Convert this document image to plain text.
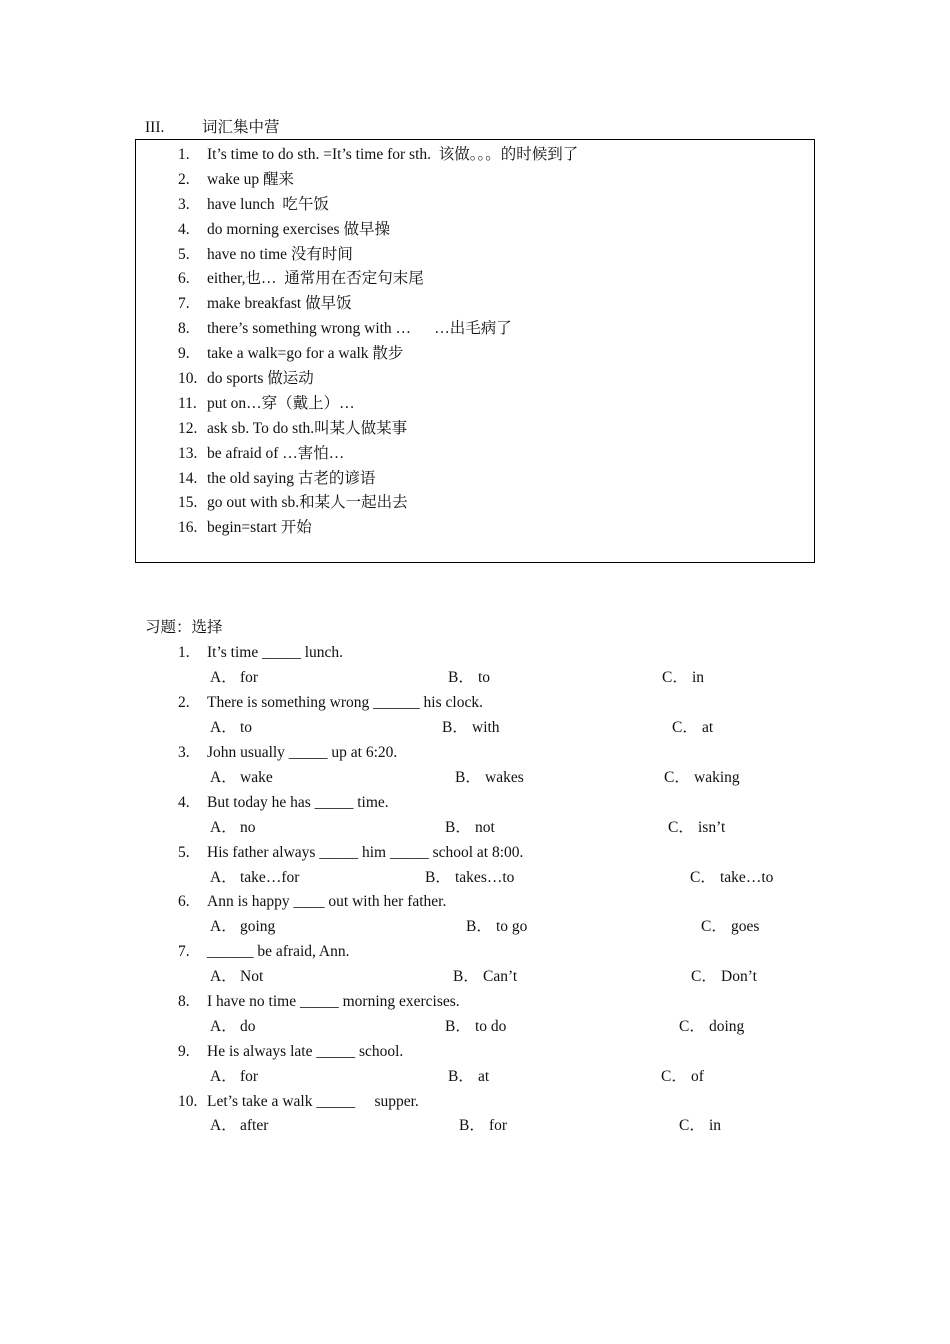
III. 词汇集中营
1. It’s time to do sth. =It’s time for sth.  该做。。。的时候到了
2. wake up 醒来
3. have lunch  吃午饭
4. do morning exercises 做早操
5. have no time 没有时间
6. either,也…  通常用在否定句末尾
7. make breakfast 做早饭
8. there’s something wrong with …      …出毛病了
9. take a walk=go for a walk 散步
10. do sports 做运动
11. put on…穿（戴上）…
12. ask sb. To do sth.叫某人做某事
13. be afraid of …害怕…
14. the old saying 古老的谚语
15. go out with sb.和某人一起出去
16. begin=start 开始
习题：选择
1. It’s time _____ lunch.
A． for	B． to	C． in
2. There is something wrong ______ his clock.
A． to	B． with	C． at
3. John usually _____ up at 6:20.
A． wake	B． wakes	C． waking
4. But today he has _____ time.
A． no	B． not	C． isn’t
5. His father always _____ him _____ school at 8:00.
A． take…for	B． takes…to	C． take…to
6. Ann is happy ____ out with her father.
A． going	B． to go	C． goes
7. ______ be afraid, Ann.
A． Not	B． Can’t	C． Don’t
8. I have no time _____ morning exercises.
A． do	B． to do	C． doing
9. He is always late _____ school.
A． for	B． at	C． of
10. Let’s take a walk _____     supper.
A． after	B． for	C． in
